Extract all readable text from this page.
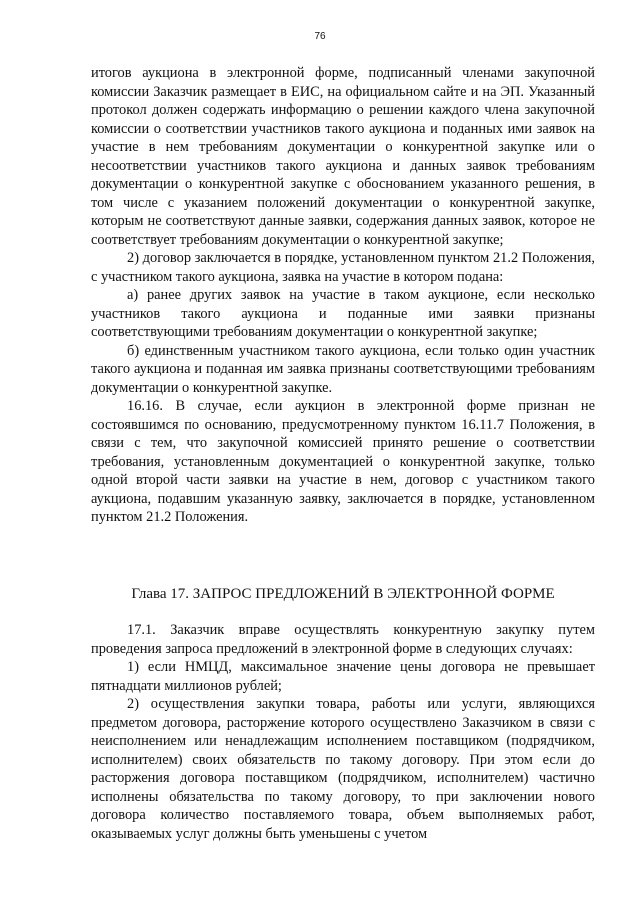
76

итогов аукциона в электронной форме, подписанный членами закупочной комиссии Заказчик размещает в ЕИС, на официальном сайте и на ЭП. Указанный протокол должен содержать информацию о решении каждого члена закупочной комиссии о соответствии участников такого аукциона и поданных ими заявок на участие в нем требованиям документации о конкурентной закупке или о несоответствии участников такого аукциона и данных заявок требованиям документации о конкурентной закупке с обоснованием указанного решения, в том числе с указанием положений документации о конкурентной закупке, которым не соответствуют данные заявки, содержания данных заявок, которое не соответствует требованиям документации о конкурентной закупке;

2) договор заключается в порядке, установленном пунктом 21.2 Положения, с участником такого аукциона, заявка на участие в котором подана:

а) ранее других заявок на участие в таком аукционе, если несколько участников такого аукциона и поданные ими заявки признаны соответствующими требованиям документации о конкурентной закупке;

б) единственным участником такого аукциона, если только один участник такого аукциона и поданная им заявка признаны соответствующими требованиям документации о конкурентной закупке.

16.16. В случае, если аукцион в электронной форме признан не состоявшимся по основанию, предусмотренному пунктом 16.11.7 Положения, в связи с тем, что закупочной комиссией принято решение о соответствии требования, установленным документацией о конкурентной закупке, только одной второй части заявки на участие в нем, договор с участником такого аукциона, подавшим указанную заявку, заключается в порядке, установленном пунктом 21.2 Положения.

Глава 17. ЗАПРОС ПРЕДЛОЖЕНИЙ В ЭЛЕКТРОННОЙ ФОРМЕ

17.1. Заказчик вправе осуществлять конкурентную закупку путем проведения запроса предложений в электронной форме в следующих случаях:

1) если НМЦД, максимальное значение цены договора не превышает пятнадцати миллионов рублей;

2) осуществления закупки товара, работы или услуги, являющихся предметом договора, расторжение которого осуществлено Заказчиком в связи с неисполнением или ненадлежащим исполнением поставщиком (подрядчиком, исполнителем) своих обязательств по такому договору. При этом если до расторжения договора поставщиком (подрядчиком, исполнителем) частично исполнены обязательства по такому договору, то при заключении нового договора количество поставляемого товара, объем выполняемых работ, оказываемых услуг должны быть уменьшены с учетом
